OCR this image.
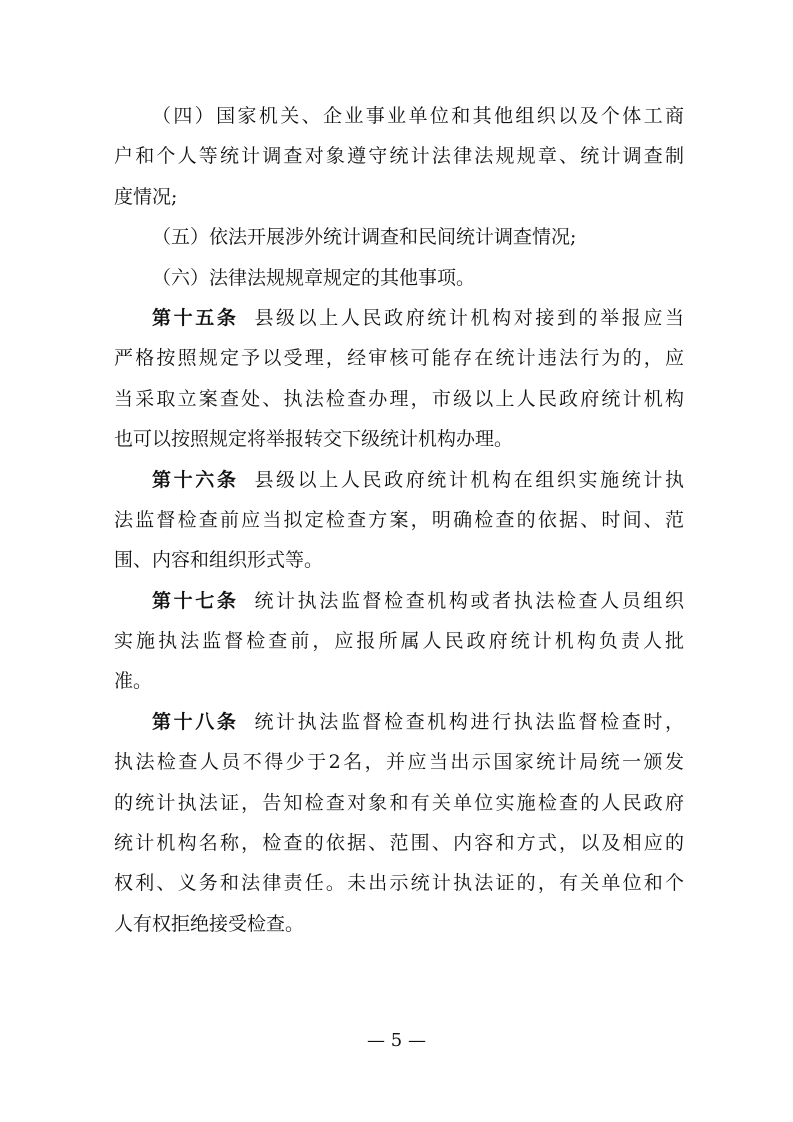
（四）国家机关、企业事业单位和其他组织以及个体工商
户和个人等统计调查对象遵守统计法律法规规章、统计调查制
度情况;
（五）依法开展涉外统计调查和民间统计调查情况;
（六）法律法规规章规定的其他事项。
第十五条 县级以上人民政府统计机构对接到的举报应当
严格按照规定予以受理，经审核可能存在统计违法行为的，应
当采取立案查处、执法检查办理，市级以上人民政府统计机构
也可以按照规定将举报转交下级统计机构办理。
第十六条 县级以上人民政府统计机构在组织实施统计执
法监督检查前应当拟定检查方案，明确检查的依据、时间、范
围、内容和组织形式等。
第十七条 统计执法监督检查机构或者执法检查人员组织
实施执法监督检查前，应报所属人民政府统计机构负责人批
准。
第十八条 统计执法监督检查机构进行执法监督检查时，
执法检查人员不得少于2名，并应当出示国家统计局统一颁发
的统计执法证，告知检查对象和有关单位实施检查的人民政府
统计机构名称，检查的依据、范围、内容和方式，以及相应的
权利、义务和法律责任。未出示统计执法证的，有关单位和个
人有权拒绝接受检查。
— 5 —
